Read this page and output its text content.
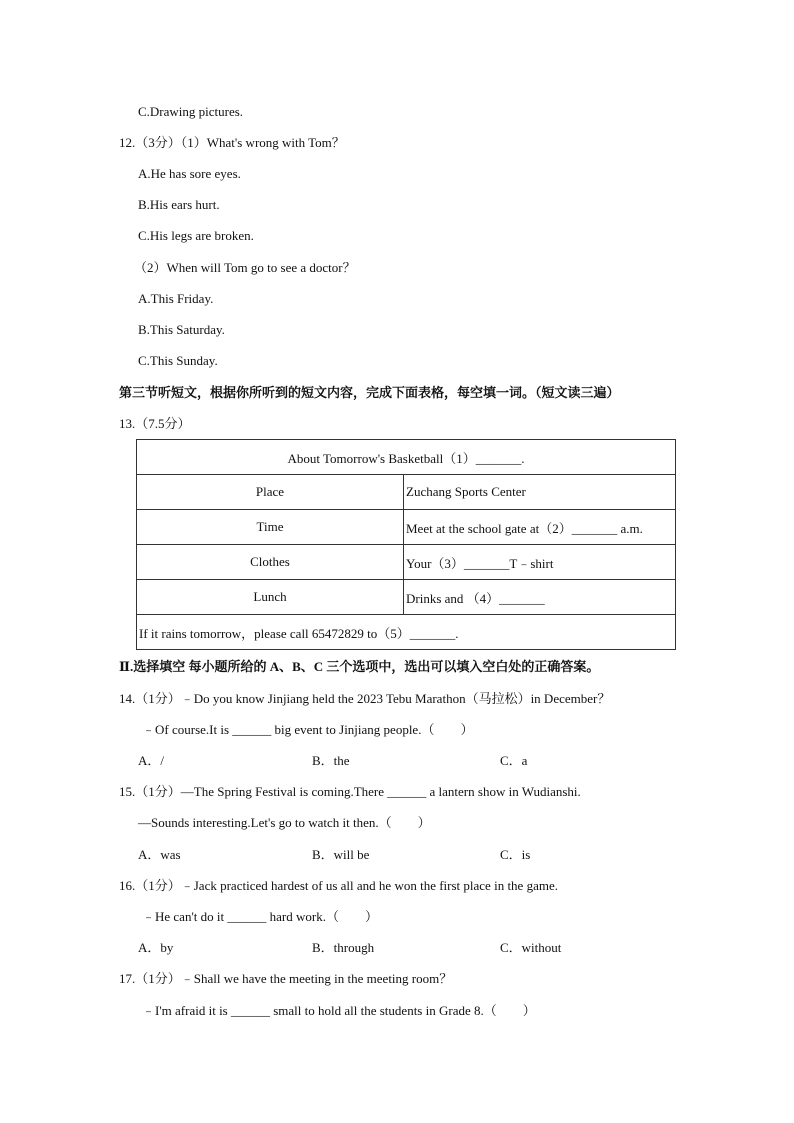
C.Drawing pictures.
12.（3分）（1）What's wrong with Tom？
A.He has sore eyes.
B.His ears hurt.
C.His legs are broken.
（2）When will Tom go to see a doctor？
A.This Friday.
B.This Saturday.
C.This Sunday.
第三节听短文，根据你所听到的短文内容，完成下面表格，每空填一词。（短文读三遍）
13.（7.5分）
About Tomorrow's Basketball（1）_______.	
Place	Zuchang Sports Center
Time	Meet at the school gate at（2）_______ a.m.
Clothes	Your（3）_______T﹣shirt
Lunch	Drinks and （4）_______
If it rains tomorrow，please call 65472829 to（5）_______.	
Ⅱ.选择填空 每小题所给的 A、B、C 三个选项中，选出可以填入空白处的正确答案。
14.（1分）﹣Do you know Jinjiang held the 2023 Tebu Marathon（马拉松）in December？
﹣Of course.It is ______ big event to Jinjiang people.（　　）
A．/	B．the	C．a
15.（1分）—The Spring Festival is coming.There ______ a lantern show in Wudianshi.
—Sounds interesting.Let's go to watch it then.（　　）
A．was	B．will be	C．is
16.（1分）﹣Jack practiced hardest of us all and he won the first place in the game.
﹣He can't do it ______ hard work.（　　）
A．by	B．through	C．without
17.（1分）﹣Shall we have the meeting in the meeting room？
﹣I'm afraid it is ______ small to hold all the students in Grade 8.（　　）
